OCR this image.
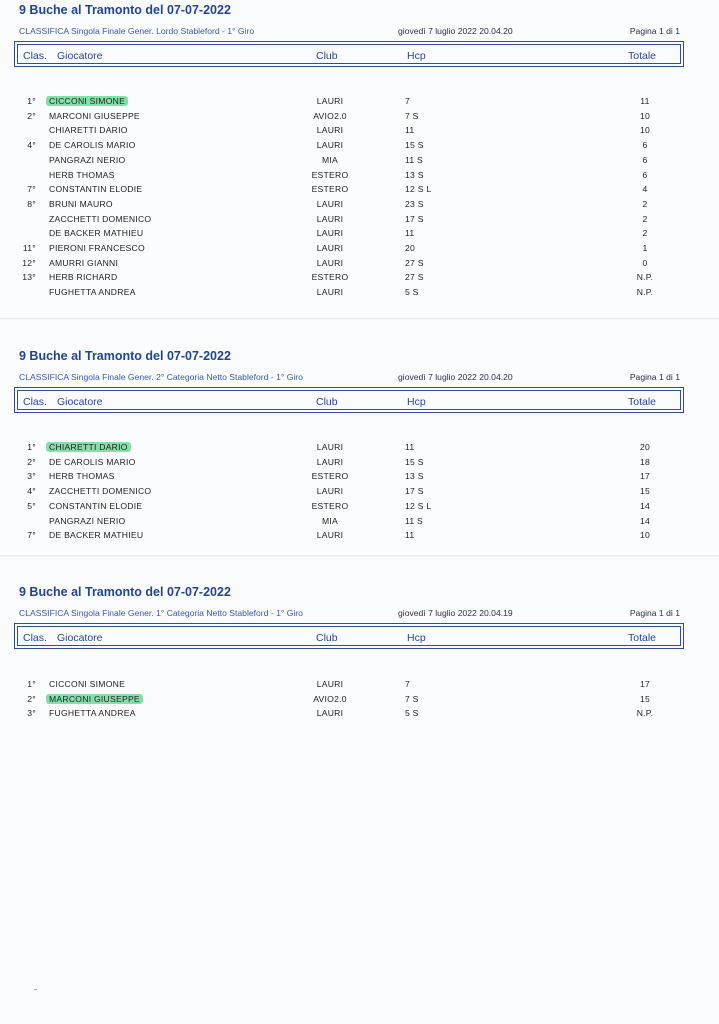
9 Buche al Tramonto del 07-07-2022
CLASSIFICA Singola Finale Gener. Lordo Stableford - 1° Giro	giovedì 7 luglio 2022 20.04.20	Pagina 1 di 1
Clas. Giocatore	Club	Hcp	Totale
1°	CICCONI SIMONE	LAURI	7	11
2° MARCONI GIUSEPPE	AVIO2.0	7 S	10
CHIARETTI DARIO	LAURI	11	10
4° DE CAROLIS MARIO	LAURI	15 S	6
PANGRAZI NERIO	MIA	11 S	6
HERB THOMAS	ESTERO	13 S	6
7° CONSTANTIN ELODIE	ESTERO	12 S L	4
8° BRUNI MAURO	LAURI	23 S	2
ZACCHETTI DOMENICO	LAURI	17 S	2
DE BACKER MATHIEU	LAURI	11	2
11° PIERONI FRANCESCO	LAURI	20	1
12° AMURRI GIANNI	LAURI	27 S	0
13° HERB RICHARD	ESTERO	27 S	N.P.
FUGHETTA ANDREA	LAURI	5 S	N.P.
9 Buche al Tramonto del 07-07-2022
CLASSIFICA Singola Finale Gener. 2° Categoria Netto Stableford - 1° Giro	giovedì 7 luglio 2022 20.04.20	Pagina 1 di 1
Clas. Giocatore	Club	Hcp	Totale
1°	CHIARETTI DARIO	LAURI	11	20
2° DE CAROLIS MARIO	LAURI	15 S	18
3° HERB THOMAS	ESTERO	13 S	17
4° ZACCHETTI DOMENICO	LAURI	17 S	15
5° CONSTANTIN ELODIE	ESTERO	12 S L	14
PANGRAZI NERIO	MIA	11 S	14
7° DE BACKER MATHIEU	LAURI	11	10
9 Buche al Tramonto del 07-07-2022
CLASSIFICA Singola Finale Gener. 1° Categoria Netto Stableford - 1° Giro	giovedì 7 luglio 2022 20.04.19	Pagina 1 di 1
Clas. Giocatore	Club	Hcp	Totale
1° CICCONI SIMONE	LAURI	7	17
2°	MARCONI GIUSEPPE	AVIO2.0	7 S	15
3° FUGHETTA ANDREA	LAURI	5 S	N.P.
